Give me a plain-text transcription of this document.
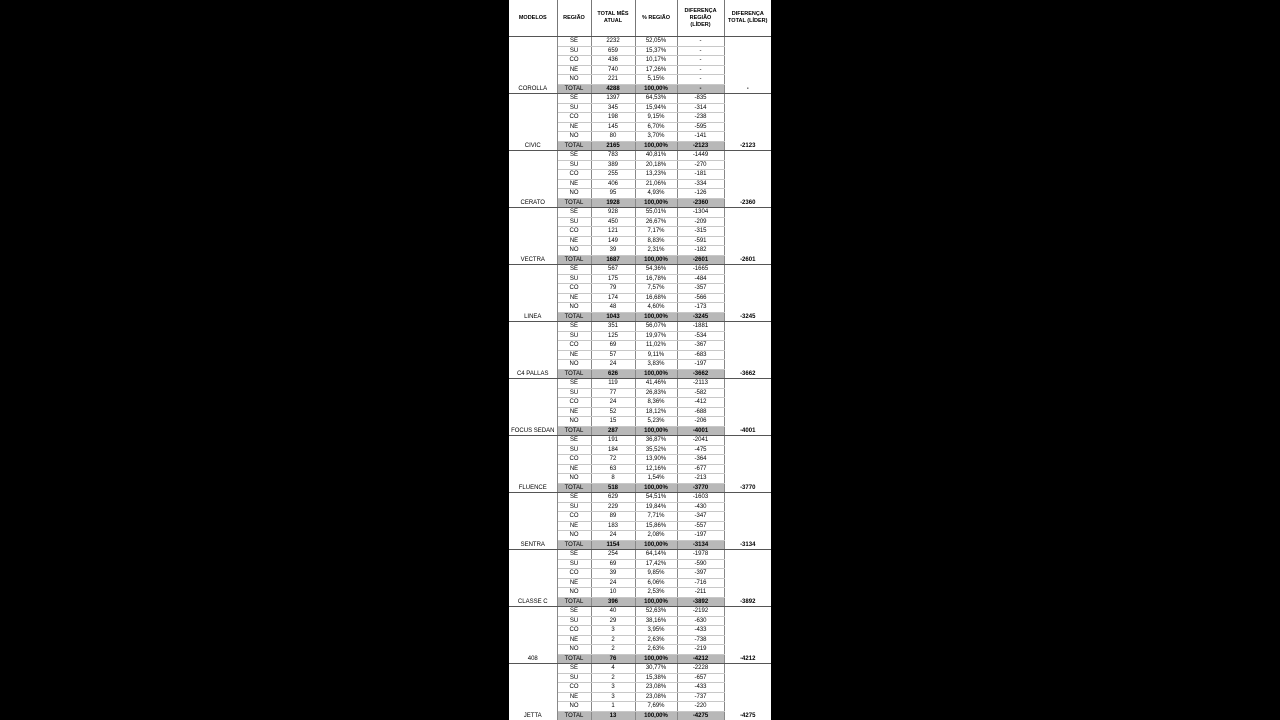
MODELOS	REGIÃO	TOTAL MÊS ATUAL	% REGIÃO	DIFERENÇA REGIÃO (LÍDER)	DIFERENÇA TOTAL (LÍDER)
COROLLA	SE	2232	52,05%	-	-
	SU	659	15,37%	-	
	CO	436	10,17%	-	
	NE	740	17,26%	-	
	NO	221	5,15%	-	
	TOTAL	4288	100,00%	-	
CIVIC	SE	1397	64,53%	-835	-2123
	SU	345	15,94%	-314	
	CO	198	9,15%	-238	
	NE	145	6,70%	-595	
	NO	80	3,70%	-141	
	TOTAL	2165	100,00%	-2123	
CERATO	SE	783	40,81%	-1449	-2360
	SU	389	20,18%	-270	
	CO	255	13,23%	-181	
	NE	406	21,06%	-334	
	NO	95	4,93%	-126	
	TOTAL	1928	100,00%	-2360	
VECTRA	SE	928	55,01%	-1304	-2601
	SU	450	26,67%	-209	
	CO	121	7,17%	-315	
	NE	149	8,83%	-591	
	NO	39	2,31%	-182	
	TOTAL	1687	100,00%	-2601	
LINEA	SE	567	54,36%	-1665	-3245
	SU	175	16,78%	-484	
	CO	79	7,57%	-357	
	NE	174	16,68%	-566	
	NO	48	4,60%	-173	
	TOTAL	1043	100,00%	-3245	
C4 PALLAS	SE	351	56,07%	-1881	-3662
	SU	125	19,97%	-534	
	CO	69	11,02%	-367	
	NE	57	9,11%	-683	
	NO	24	3,83%	-197	
	TOTAL	626	100,00%	-3662	
FOCUS SEDAN	SE	119	41,46%	-2113	-4001
	SU	77	26,83%	-582	
	CO	24	8,36%	-412	
	NE	52	18,12%	-688	
	NO	15	5,23%	-206	
	TOTAL	287	100,00%	-4001	
FLUENCE	SE	191	36,87%	-2041	-3770
	SU	184	35,52%	-475	
	CO	72	13,90%	-364	
	NE	63	12,16%	-677	
	NO	8	1,54%	-213	
	TOTAL	518	100,00%	-3770	
SENTRA	SE	629	54,51%	-1603	-3134
	SU	229	19,84%	-430	
	CO	89	7,71%	-347	
	NE	183	15,86%	-557	
	NO	24	2,08%	-197	
	TOTAL	1154	100,00%	-3134	
CLASSE C	SE	254	64,14%	-1978	-3892
	SU	69	17,42%	-590	
	CO	39	9,85%	-397	
	NE	24	6,06%	-716	
	NO	10	2,53%	-211	
	TOTAL	396	100,00%	-3892	
408	SE	40	52,63%	-2192	-4212
	SU	29	38,16%	-630	
	CO	3	3,95%	-433	
	NE	2	2,63%	-738	
	NO	2	2,63%	-219	
	TOTAL	76	100,00%	-4212	
JETTA	SE	4	30,77%	-2228	-4275
	SU	2	15,38%	-657	
	CO	3	23,08%	-433	
	NE	3	23,08%	-737	
	NO	1	7,69%	-220	
	TOTAL	13	100,00%	-4275	
